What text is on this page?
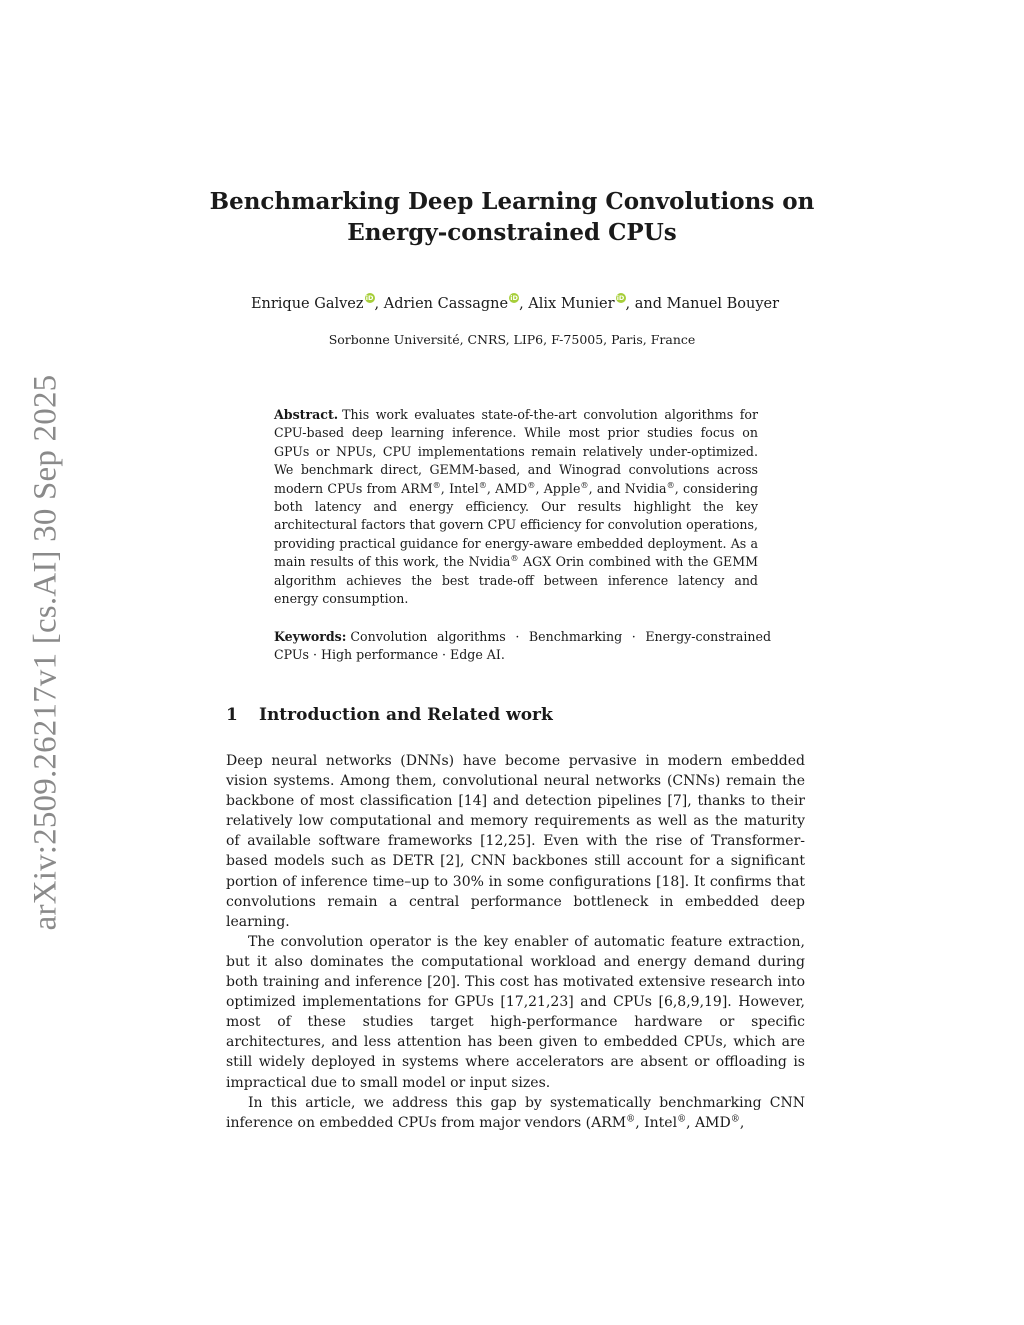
arXiv:2509.26217v1 [cs.AI] 30 Sep 2025
Benchmarking Deep Learning Convolutions on
Energy-constrained CPUs
Enrique Galvez iD, Adrien Cassagne iD, Alix Munier iD, and Manuel Bouyer
Sorbonne Université, CNRS, LIP6, F-75005, Paris, France
Abstract. This work evaluates state-of-the-art convolution algorithms for CPU-based deep learning inference. While most prior studies focus on GPUs or NPUs, CPU implementations remain relatively under-optimized. We benchmark direct, GEMM-based, and Winograd convolutions across modern CPUs from ARM®, Intel®, AMD®, Apple®, and Nvidia®, considering both latency and energy efficiency. Our results highlight the key architectural factors that govern CPU efficiency for convolution operations, providing practical guidance for energy-aware embedded deployment. As a main results of this work, the Nvidia® AGX Orin combined with the GEMM algorithm achieves the best trade-off between inference latency and energy consumption.
Keywords: Convolution algorithms · Benchmarking · Energy-constrained CPUs · High performance · Edge AI.
1 Introduction and Related work

Deep neural networks (DNNs) have become pervasive in modern embedded vision systems. Among them, convolutional neural networks (CNNs) remain the backbone of most classification [14] and detection pipelines [7], thanks to their relatively low computational and memory requirements as well as the maturity of available software frameworks [12,25]. Even with the rise of Transformer-based models such as DETR [2], CNN backbones still account for a significant portion of inference time–up to 30% in some configurations [18]. It confirms that convolutions remain a central performance bottleneck in embedded deep learning.

The convolution operator is the key enabler of automatic feature extraction, but it also dominates the computational workload and energy demand during both training and inference [20]. This cost has motivated extensive research into optimized implementations for GPUs [17,21,23] and CPUs [6,8,9,19]. However, most of these studies target high-performance hardware or specific architectures, and less attention has been given to embedded CPUs, which are still widely deployed in systems where accelerators are absent or offloading is impractical due to small model or input sizes.

In this article, we address this gap by systematically benchmarking CNN inference on embedded CPUs from major vendors (ARM®, Intel®, AMD®,
